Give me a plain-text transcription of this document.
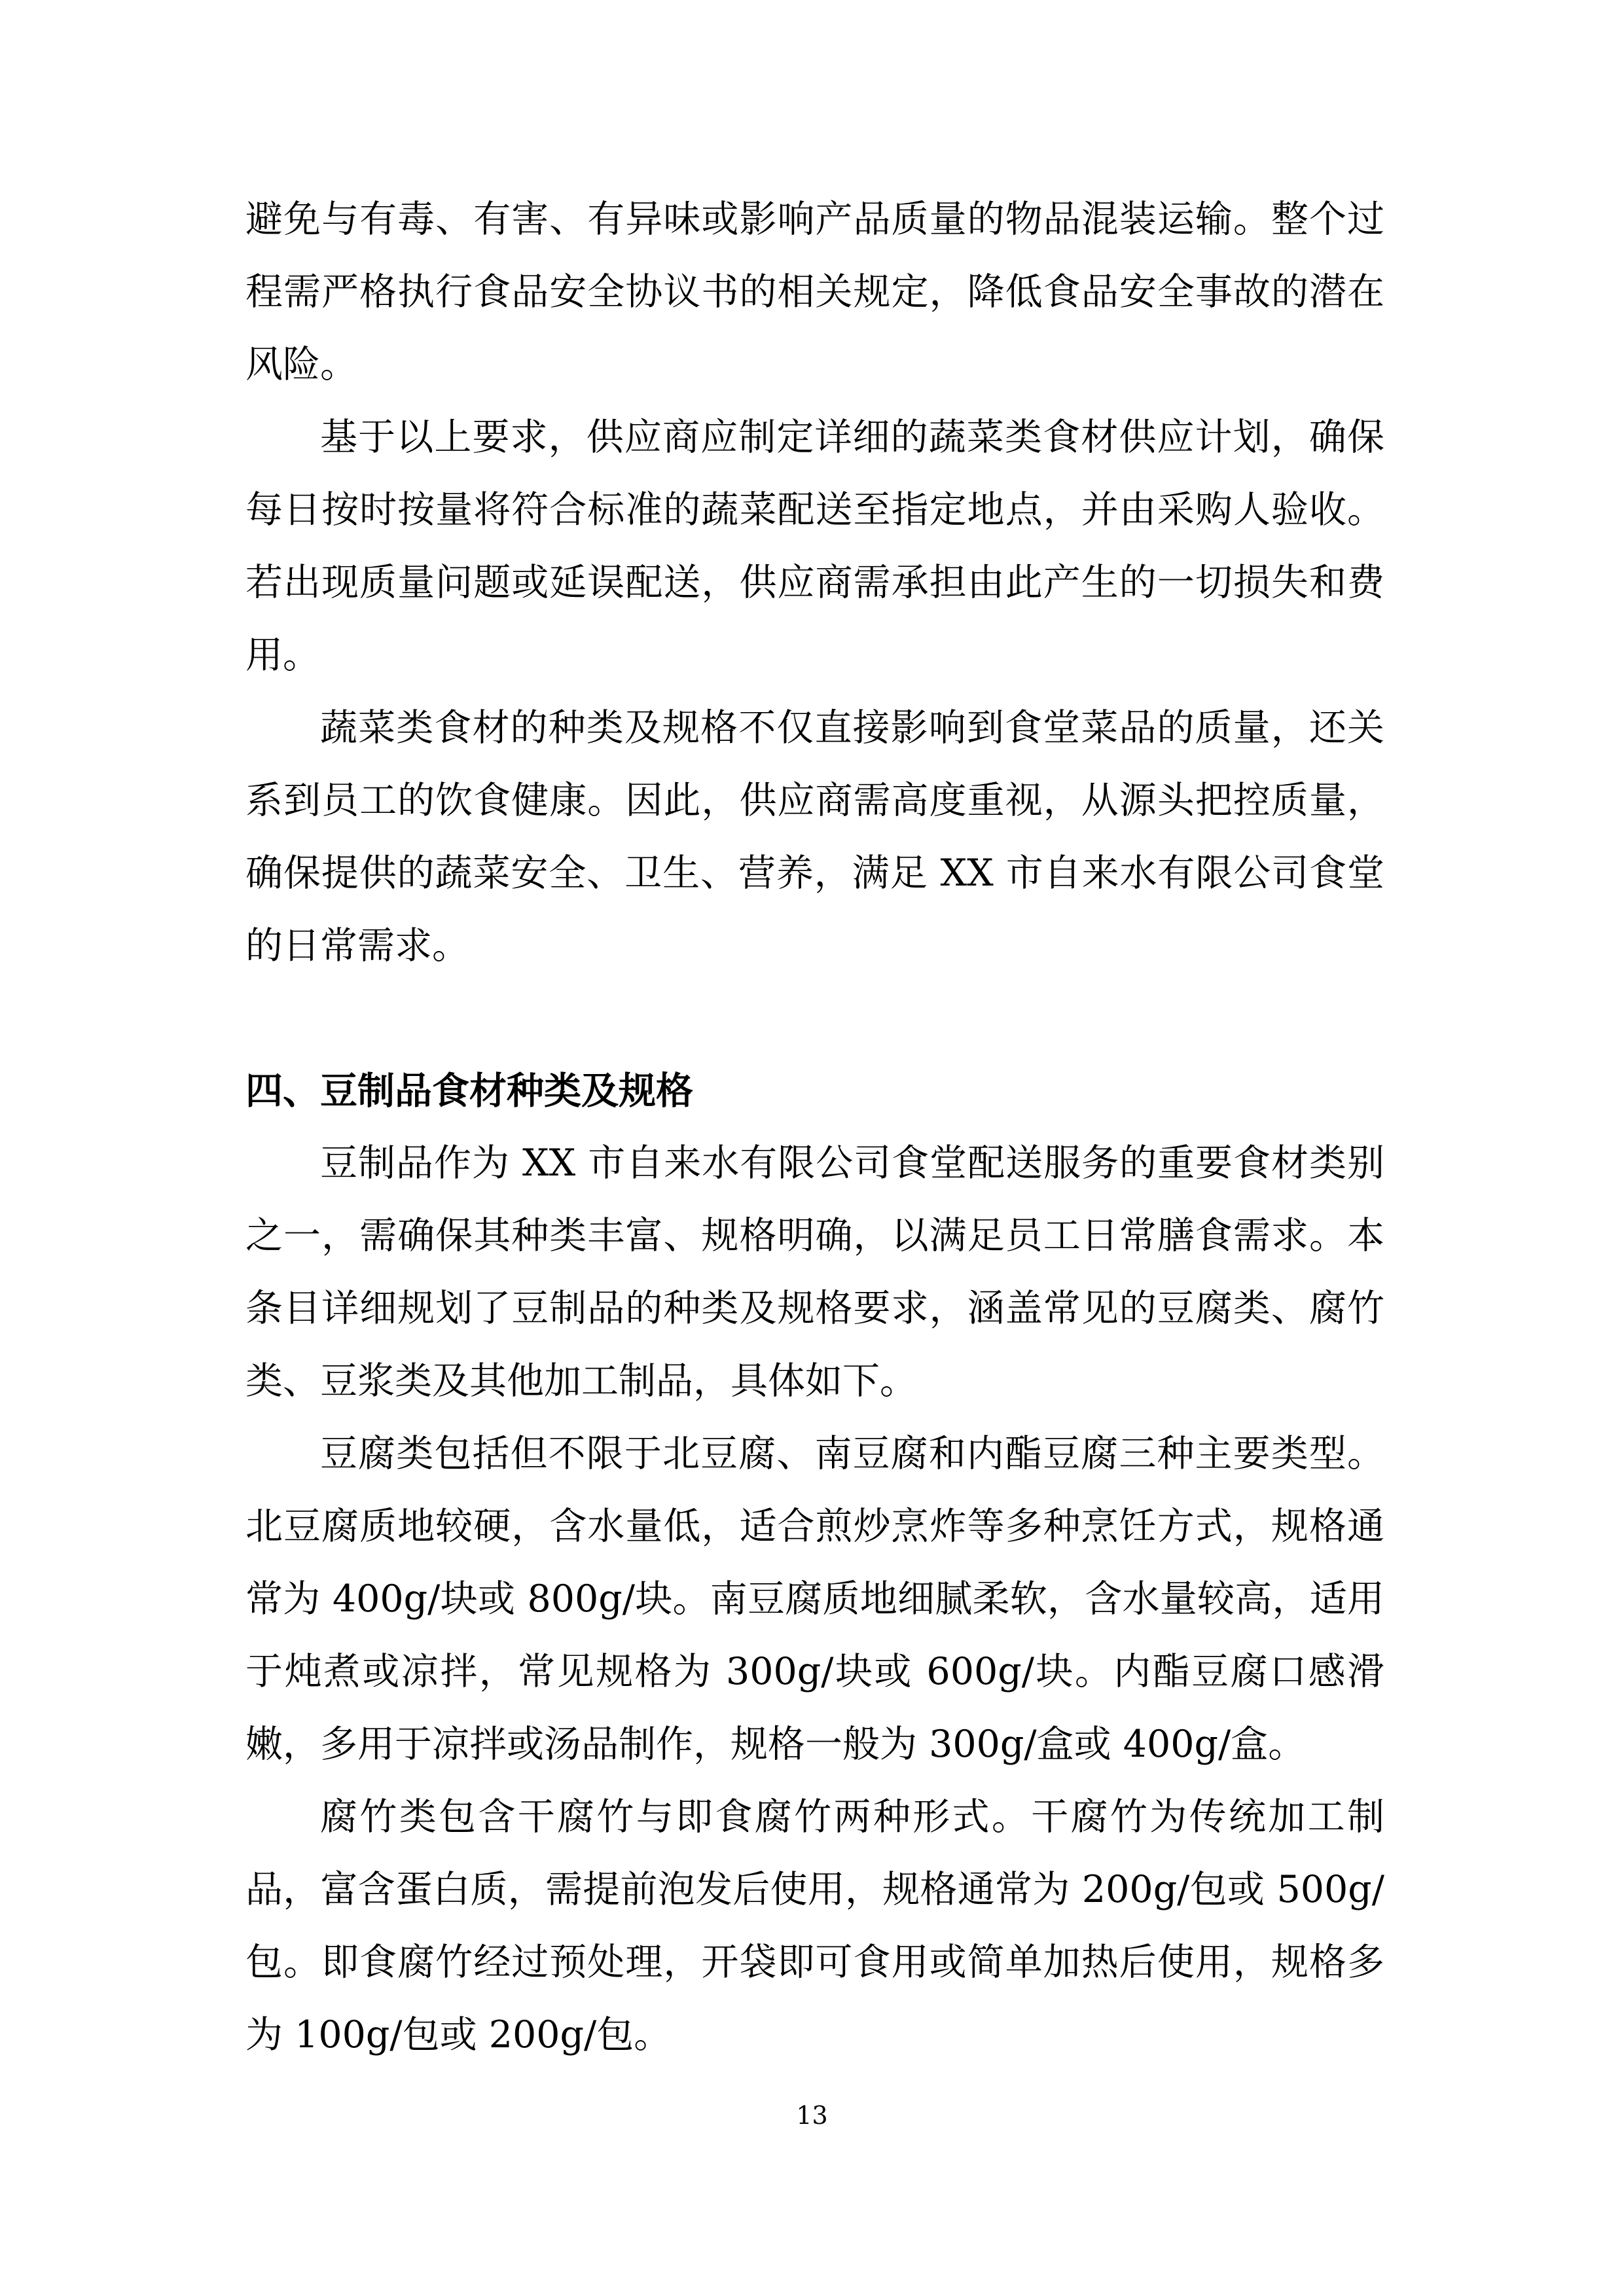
避免与有毒、有害、有异味或影响产品质量的物品混装运输。整个过程需严格执行食品安全协议书的相关规定，降低食品安全事故的潜在风险。

基于以上要求，供应商应制定详细的蔬菜类食材供应计划，确保每日按时按量将符合标准的蔬菜配送至指定地点，并由采购人验收。若出现质量问题或延误配送，供应商需承担由此产生的一切损失和费用。

蔬菜类食材的种类及规格不仅直接影响到食堂菜品的质量，还关系到员工的饮食健康。因此，供应商需高度重视，从源头把控质量，确保提供的蔬菜安全、卫生、营养，满足 XX 市自来水有限公司食堂的日常需求。

四、豆制品食材种类及规格

豆制品作为 XX 市自来水有限公司食堂配送服务的重要食材类别之一，需确保其种类丰富、规格明确，以满足员工日常膳食需求。本条目详细规划了豆制品的种类及规格要求，涵盖常见的豆腐类、腐竹类、豆浆类及其他加工制品，具体如下。

豆腐类包括但不限于北豆腐、南豆腐和内酯豆腐三种主要类型。北豆腐质地较硬，含水量低，适合煎炒烹炸等多种烹饪方式，规格通常为 400g/块或 800g/块。南豆腐质地细腻柔软，含水量较高，适用于炖煮或凉拌，常见规格为 300g/块或 600g/块。内酯豆腐口感滑嫩，多用于凉拌或汤品制作，规格一般为 300g/盒或 400g/盒。

腐竹类包含干腐竹与即食腐竹两种形式。干腐竹为传统加工制品，富含蛋白质，需提前泡发后使用，规格通常为 200g/包或 500g/包。即食腐竹经过预处理，开袋即可食用或简单加热后使用，规格多为 100g/包或 200g/包。

13
